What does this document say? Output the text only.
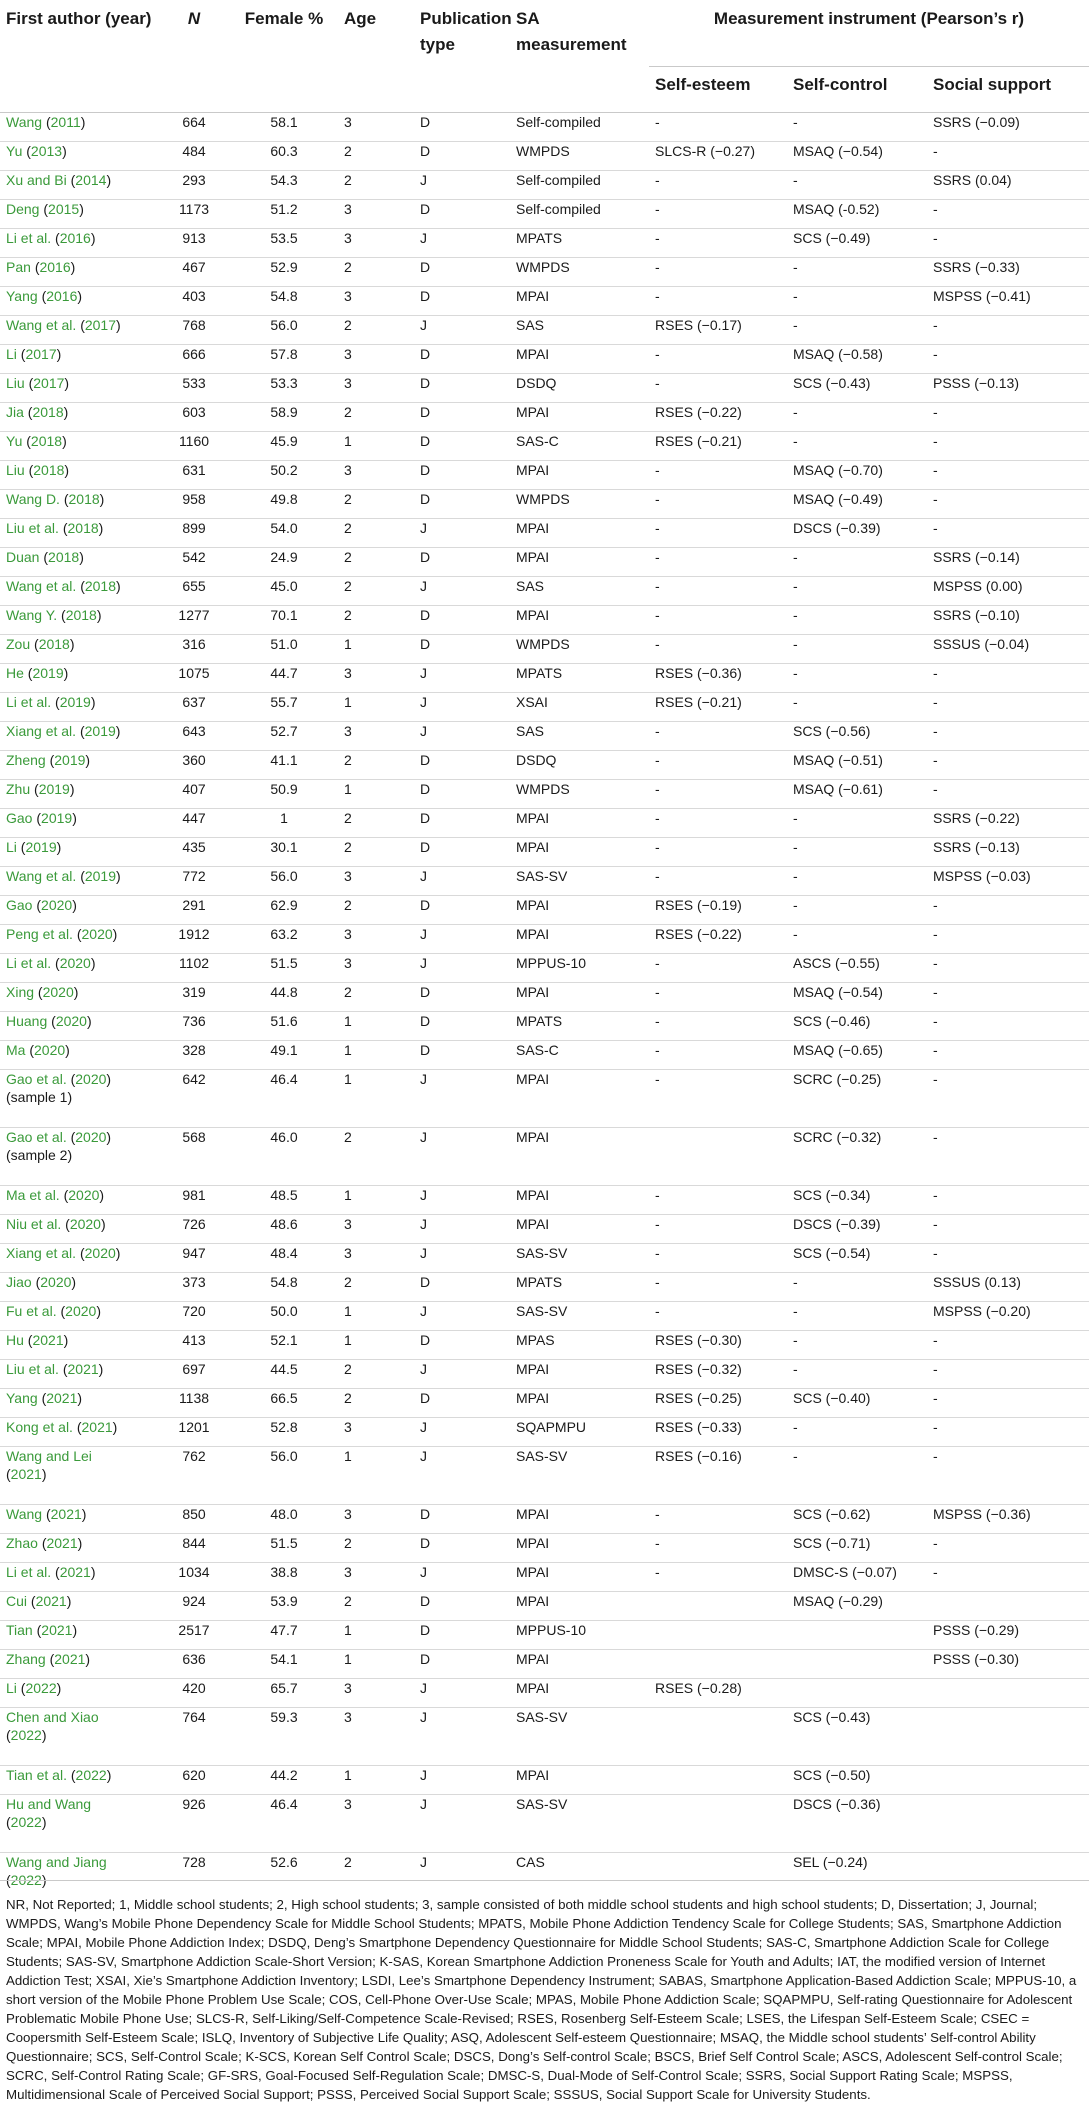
First author (year)	N	Female %	Age	Publication type	SA measurement	Measurement instrument (Pearson’s r)		
						Self-esteem	Self-control	Social support
Wang (2011)	664	58.1	3	D	Self-compiled	-	-	SSRS (−0.09)
Yu (2013)	484	60.3	2	D	WMPDS	SLCS-R (−0.27)	MSAQ (−0.54)	-
Xu and Bi (2014)	293	54.3	2	J	Self-compiled	-	-	SSRS (0.04)
Deng (2015)	1173	51.2	3	D	Self-compiled	-	MSAQ (-0.52)	-
Li et al. (2016)	913	53.5	3	J	MPATS	-	SCS (−0.49)	-
Pan (2016)	467	52.9	2	D	WMPDS	-	-	SSRS (−0.33)
Yang (2016)	403	54.8	3	D	MPAI	-	-	MSPSS (−0.41)
Wang et al. (2017)	768	56.0	2	J	SAS	RSES (−0.17)	-	-
Li (2017)	666	57.8	3	D	MPAI	-	MSAQ (−0.58)	-
Liu (2017)	533	53.3	3	D	DSDQ	-	SCS (−0.43)	PSSS (−0.13)
Jia (2018)	603	58.9	2	D	MPAI	RSES (−0.22)	-	-
Yu (2018)	1160	45.9	1	D	SAS-C	RSES (−0.21)	-	-
Liu (2018)	631	50.2	3	D	MPAI	-	MSAQ (−0.70)	-
Wang D. (2018)	958	49.8	2	D	WMPDS	-	MSAQ (−0.49)	-
Liu et al. (2018)	899	54.0	2	J	MPAI	-	DSCS (−0.39)	-
Duan (2018)	542	24.9	2	D	MPAI	-	-	SSRS (−0.14)
Wang et al. (2018)	655	45.0	2	J	SAS	-	-	MSPSS (0.00)
Wang Y. (2018)	1277	70.1	2	D	MPAI	-	-	SSRS (−0.10)
Zou (2018)	316	51.0	1	D	WMPDS	-	-	SSSUS (−0.04)
He (2019)	1075	44.7	3	J	MPATS	RSES (−0.36)	-	-
Li et al. (2019)	637	55.7	1	J	XSAI	RSES (−0.21)	-	-
Xiang et al. (2019)	643	52.7	3	J	SAS	-	SCS (−0.56)	-
Zheng (2019)	360	41.1	2	D	DSDQ	-	MSAQ (−0.51)	-
Zhu (2019)	407	50.9	1	D	WMPDS	-	MSAQ (−0.61)	-
Gao (2019)	447	1	2	D	MPAI	-	-	SSRS (−0.22)
Li (2019)	435	30.1	2	D	MPAI	-	-	SSRS (−0.13)
Wang et al. (2019)	772	56.0	3	J	SAS-SV	-	-	MSPSS (−0.03)
Gao (2020)	291	62.9	2	D	MPAI	RSES (−0.19)	-	-
Peng et al. (2020)	1912	63.2	3	J	MPAI	RSES (−0.22)	-	-
Li et al. (2020)	1102	51.5	3	J	MPPUS-10	-	ASCS (−0.55)	-
Xing (2020)	319	44.8	2	D	MPAI	-	MSAQ (−0.54)	-
Huang (2020)	736	51.6	1	D	MPATS	-	SCS (−0.46)	-
Ma (2020)	328	49.1	1	D	SAS-C	-	MSAQ (−0.65)	-
Gao et al. (2020)
(sample 1)	642	46.4	1	J	MPAI	-	SCRC (−0.25)	-
Gao et al. (2020)
(sample 2)	568	46.0	2	J	MPAI		SCRC (−0.32)	-
Ma et al. (2020)	981	48.5	1	J	MPAI	-	SCS (−0.34)	-
Niu et al. (2020)	726	48.6	3	J	MPAI	-	DSCS (−0.39)	-
Xiang et al. (2020)	947	48.4	3	J	SAS-SV	-	SCS (−0.54)	-
Jiao (2020)	373	54.8	2	D	MPATS	-	-	SSSUS (0.13)
Fu et al. (2020)	720	50.0	1	J	SAS-SV	-	-	MSPSS (−0.20)
Hu (2021)	413	52.1	1	D	MPAS	RSES (−0.30)	-	-
Liu et al. (2021)	697	44.5	2	J	MPAI	RSES (−0.32)	-	-
Yang (2021)	1138	66.5	2	D	MPAI	RSES (−0.25)	SCS (−0.40)	-
Kong et al. (2021)	1201	52.8	3	J	SQAPMPU	RSES (−0.33)	-	-
Wang and Lei
(2021)	762	56.0	1	J	SAS-SV	RSES (−0.16)	-	-
Wang (2021)	850	48.0	3	D	MPAI	-	SCS (−0.62)	MSPSS (−0.36)
Zhao (2021)	844	51.5	2	D	MPAI	-	SCS (−0.71)	-
Li et al. (2021)	1034	38.8	3	J	MPAI	-	DMSC-S (−0.07)	-
Cui (2021)	924	53.9	2	D	MPAI		MSAQ (−0.29)	
Tian (2021)	2517	47.7	1	D	MPPUS-10			PSSS (−0.29)
Zhang (2021)	636	54.1	1	D	MPAI			PSSS (−0.30)
Li (2022)	420	65.7	3	J	MPAI	RSES (−0.28)		
Chen and Xiao
(2022)	764	59.3	3	J	SAS-SV		SCS (−0.43)	
Tian et al. (2022)	620	44.2	1	J	MPAI		SCS (−0.50)	
Hu and Wang
(2022)	926	46.4	3	J	SAS-SV		DSCS (−0.36)	
Wang and Jiang
(2022)	728	52.6	2	J	CAS		SEL (−0.24)	
NR, Not Reported; 1, Middle school students; 2, High school students; 3, sample consisted of both middle school students and high school students; D, Dissertation; J, Journal; WMPDS, Wang’s Mobile Phone Dependency Scale for Middle School Students; MPATS, Mobile Phone Addiction Tendency Scale for College Students; SAS, Smartphone Addiction Scale; MPAI, Mobile Phone Addiction Index; DSDQ, Deng’s Smartphone Dependency Questionnaire for Middle School Students; SAS-C, Smartphone Addiction Scale for College Students; SAS-SV, Smartphone Addiction Scale-Short Version; K-SAS, Korean Smartphone Addiction Proneness Scale for Youth and Adults; IAT, the modified version of Internet Addiction Test; XSAI, Xie’s Smartphone Addiction Inventory; LSDI, Lee’s Smartphone Dependency Instrument; SABAS, Smartphone Application-Based Addiction Scale; MPPUS-10, a short version of the Mobile Phone Problem Use Scale; COS, Cell-Phone Over-Use Scale; MPAS, Mobile Phone Addiction Scale; SQAPMPU, Self-rating Questionnaire for Adolescent Problematic Mobile Phone Use; SLCS-R, Self-Liking/Self-Competence Scale-Revised; RSES, Rosenberg Self-Esteem Scale; LSES, the Lifespan Self-Esteem Scale; CSEC = Coopersmith Self-Esteem Scale; ISLQ, Inventory of Subjective Life Quality; ASQ, Adolescent Self-esteem Questionnaire; MSAQ, the Middle school students’ Self-control Ability Questionnaire; SCS, Self-Control Scale; K-SCS, Korean Self Control Scale; DSCS, Dong’s Self-control Scale; BSCS, Brief Self Control Scale; ASCS, Adolescent Self-control Scale; SCRC, Self-Control Rating Scale; GF-SRS, Goal-Focused Self-Regulation Scale; DMSC-S, Dual-Mode of Self-Control Scale; SSRS, Social Support Rating Scale; MSPSS, Multidimensional Scale of Perceived Social Support; PSSS, Perceived Social Support Scale; SSSUS, Social Support Scale for University Students.
